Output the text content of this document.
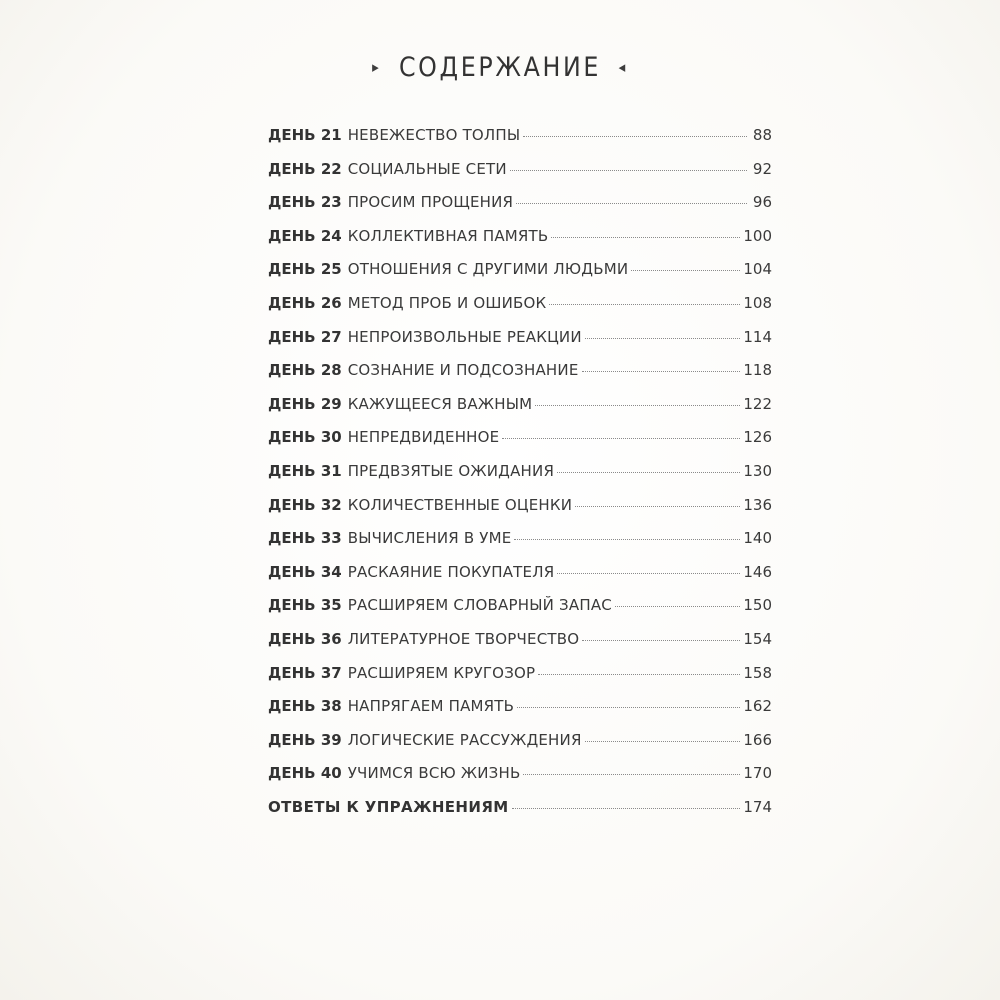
▸ СОДЕРЖАНИЕ ◂
ДЕНЬ 21 НЕВЕЖЕСТВО ТОЛПЫ	88
ДЕНЬ 22 СОЦИАЛЬНЫЕ СЕТИ	92
ДЕНЬ 23 ПРОСИМ ПРОЩЕНИЯ	96
ДЕНЬ 24 КОЛЛЕКТИВНАЯ ПАМЯТЬ	100
ДЕНЬ 25 ОТНОШЕНИЯ С ДРУГИМИ ЛЮДЬМИ	104
ДЕНЬ 26 МЕТОД ПРОБ И ОШИБОК	108
ДЕНЬ 27 НЕПРОИЗВОЛЬНЫЕ РЕАКЦИИ	114
ДЕНЬ 28 СОЗНАНИЕ И ПОДСОЗНАНИЕ	118
ДЕНЬ 29 КАЖУЩЕЕСЯ ВАЖНЫМ	122
ДЕНЬ 30 НЕПРЕДВИДЕННОЕ	126
ДЕНЬ 31 ПРЕДВЗЯТЫЕ ОЖИДАНИЯ	130
ДЕНЬ 32 КОЛИЧЕСТВЕННЫЕ ОЦЕНКИ	136
ДЕНЬ 33 ВЫЧИСЛЕНИЯ В УМЕ	140
ДЕНЬ 34 РАСКАЯНИЕ ПОКУПАТЕЛЯ	146
ДЕНЬ 35 РАСШИРЯЕМ СЛОВАРНЫЙ ЗАПАС	150
ДЕНЬ 36 ЛИТЕРАТУРНОЕ ТВОРЧЕСТВО	154
ДЕНЬ 37 РАСШИРЯЕМ КРУГОЗОР	158
ДЕНЬ 38 НАПРЯГАЕМ ПАМЯТЬ	162
ДЕНЬ 39 ЛОГИЧЕСКИЕ РАССУЖДЕНИЯ	166
ДЕНЬ 40 УЧИМСЯ ВСЮ ЖИЗНЬ	170
ОТВЕТЫ К УПРАЖНЕНИЯМ	174
